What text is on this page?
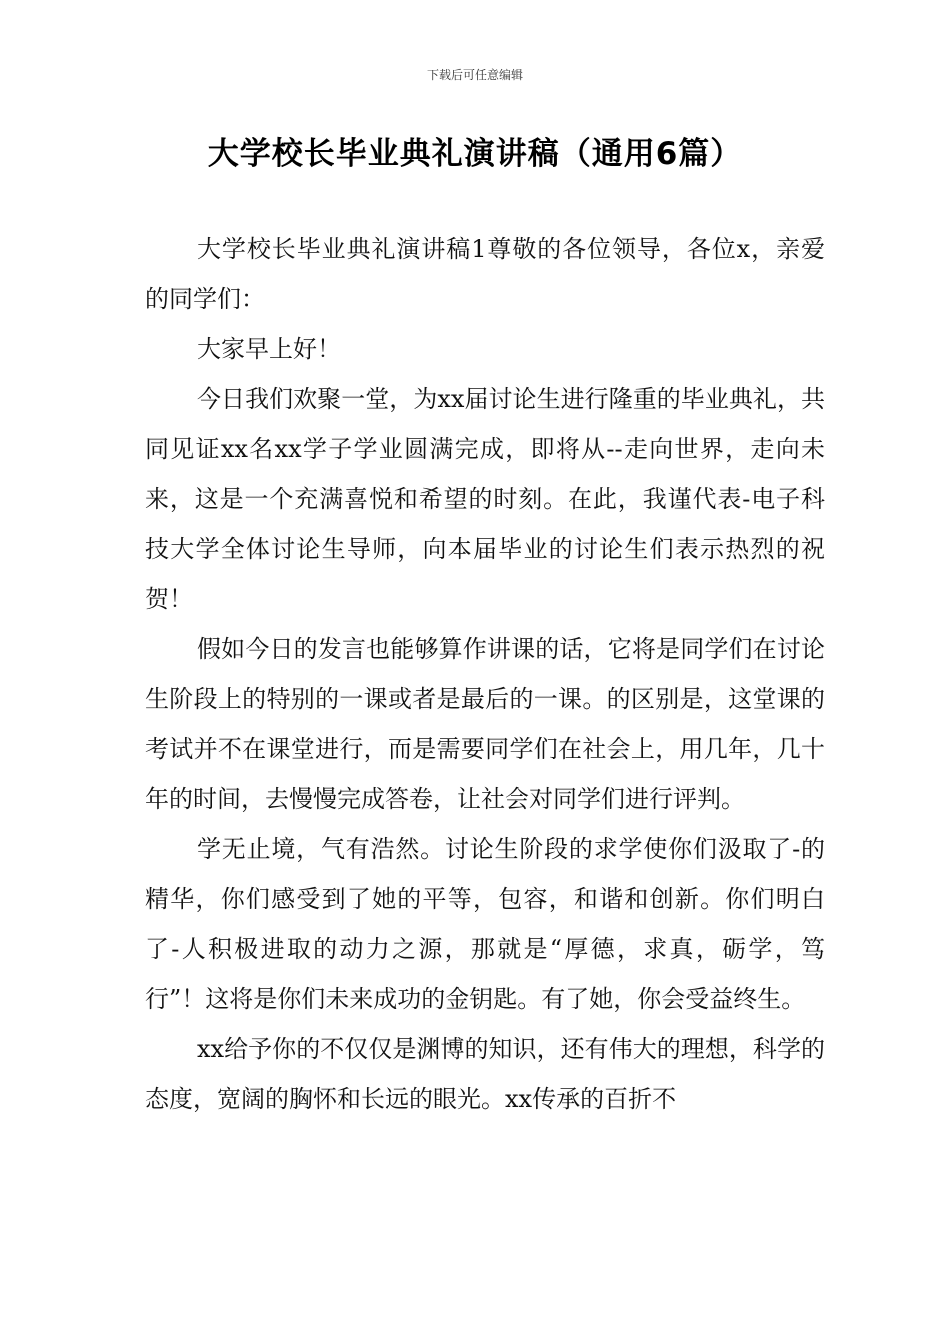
下载后可任意编辑
大学校长毕业典礼演讲稿（通用6篇）

大学校长毕业典礼演讲稿1尊敬的各位领导，各位x，亲爱的同学们：

大家早上好！

今日我们欢聚一堂，为xx届讨论生进行隆重的毕业典礼，共同见证xx名xx学子学业圆满完成，即将从--走向世界，走向未来，这是一个充满喜悦和希望的时刻。在此，我谨代表-电子科技大学全体讨论生导师，向本届毕业的讨论生们表示热烈的祝贺！

假如今日的发言也能够算作讲课的话，它将是同学们在讨论生阶段上的特别的一课或者是最后的一课。的区别是，这堂课的考试并不在课堂进行，而是需要同学们在社会上，用几年，几十年的时间，去慢慢完成答卷，让社会对同学们进行评判。

学无止境，气有浩然。讨论生阶段的求学使你们汲取了-的精华，你们感受到了她的平等，包容，和谐和创新。你们明白了-人积极进取的动力之源，那就是“厚德，求真，砺学，笃行”！这将是你们未来成功的金钥匙。有了她，你会受益终生。

xx给予你的不仅仅是渊博的知识，还有伟大的理想，科学的态度，宽阔的胸怀和长远的眼光。xx传承的百折不
